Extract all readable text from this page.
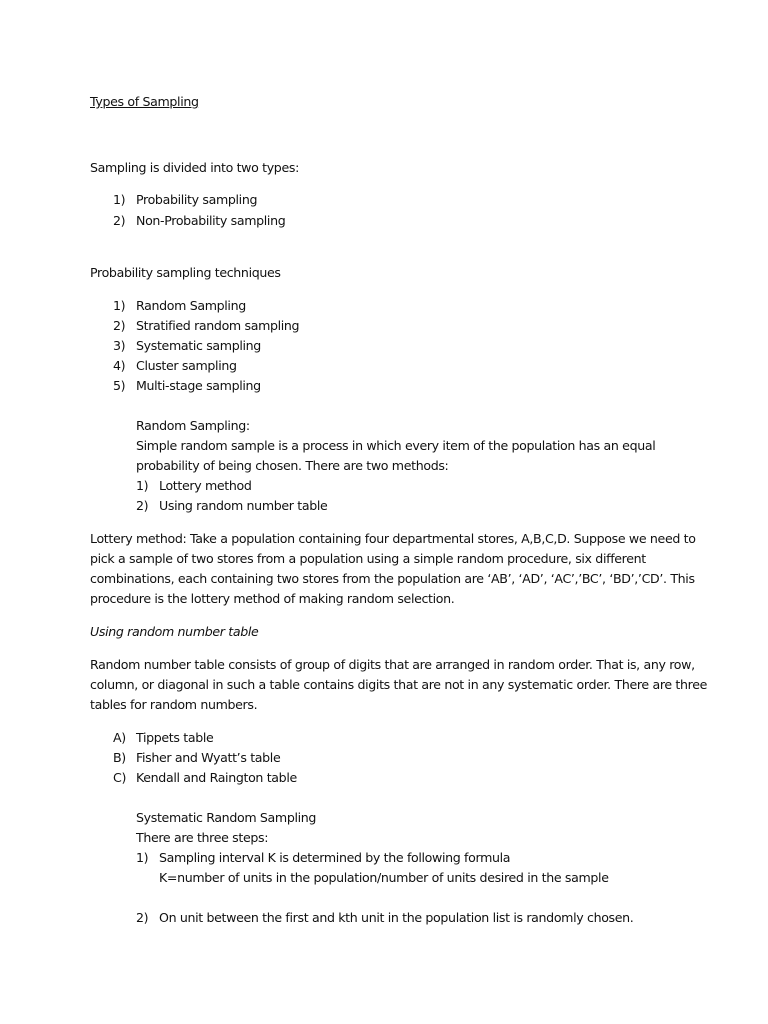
Types of Sampling
Sampling is divided into two types:
1) Probability sampling
2) Non-Probability sampling
Probability sampling techniques
1) Random Sampling
2) Stratified random sampling
3) Systematic sampling
4) Cluster sampling
5) Multi-stage sampling
Random Sampling:
Simple random sample is a process in which every item of the population has an equal
probability of being chosen. There are two methods:
1) Lottery method
2) Using random number table
Lottery method: Take a population containing four departmental stores, A,B,C,D. Suppose we need to
pick a sample of two stores from a population using a simple random procedure, six different
combinations, each containing two stores from the population are ‘AB’, ‘AD’, ‘AC’,’BC’, ‘BD’,’CD’. This
procedure is the lottery method of making random selection.
Using random number table
Random number table consists of group of digits that are arranged in random order. That is, any row,
column, or diagonal in such a table contains digits that are not in any systematic order. There are three
tables for random numbers.
A) Tippets table
B) Fisher and Wyatt’s table
C) Kendall and Raington table
Systematic Random Sampling
There are three steps:
1) Sampling interval K is determined by the following formula
K=number of units in the population/number of units desired in the sample
2) On unit between the first and kth unit in the population list is randomly chosen.
